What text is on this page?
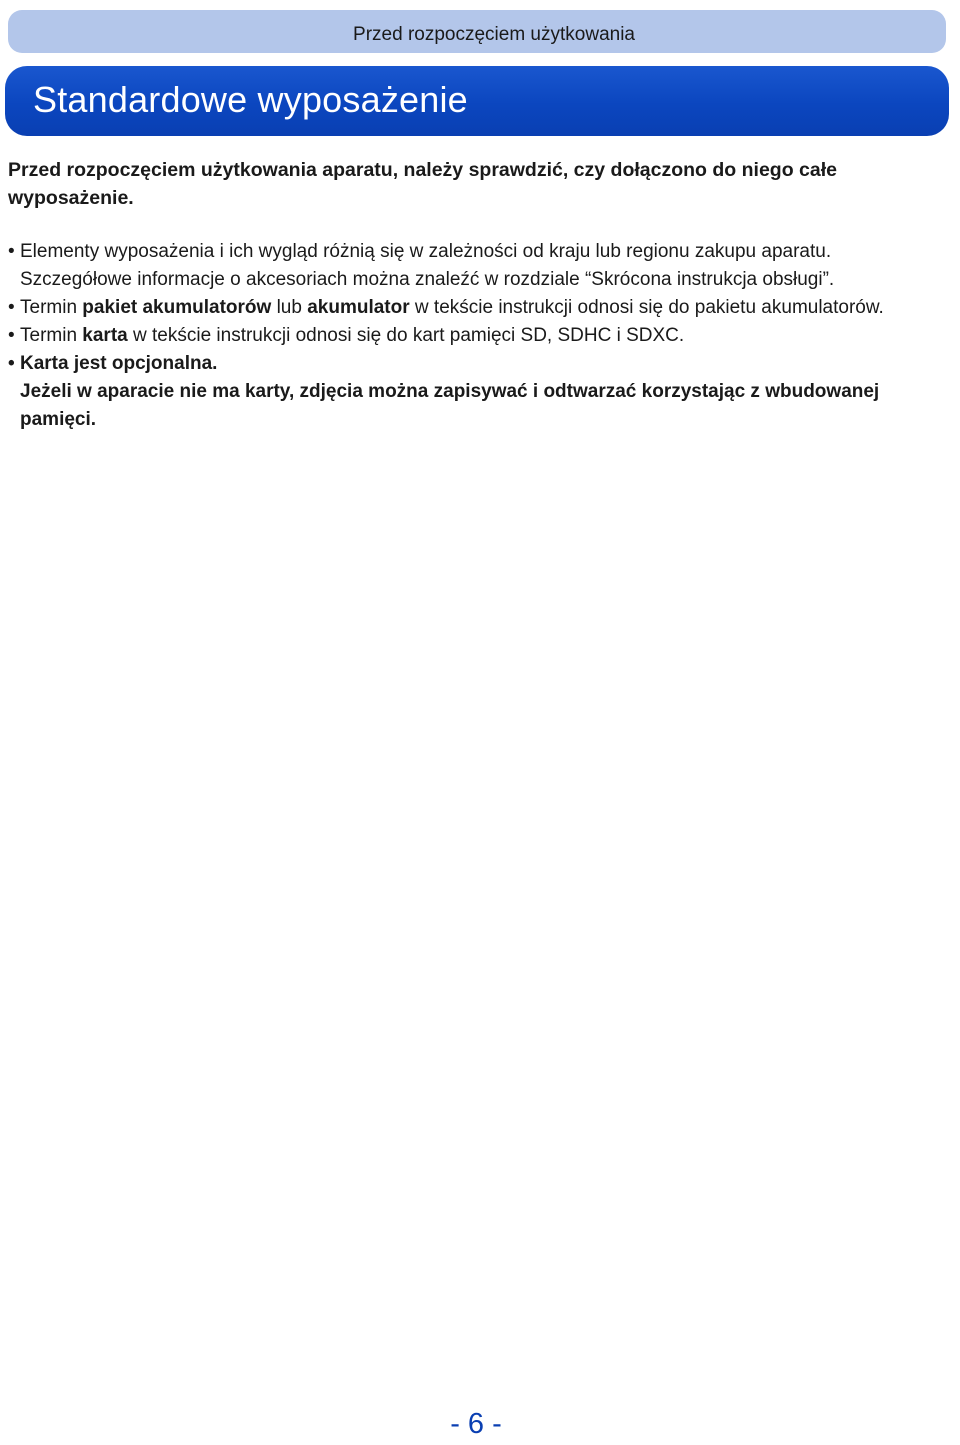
Przed rozpoczęciem użytkowania
Standardowe wyposażenie
Przed rozpoczęciem użytkowania aparatu, należy sprawdzić, czy dołączono do niego całe wyposażenie.
• Elementy wyposażenia i ich wygląd różnią się w zależności od kraju lub regionu zakupu aparatu.

Szczegółowe informacje o akcesoriach można znaleźć w rozdziale “Skrócona instrukcja obsługi”.

• Termin pakiet akumulatorów lub akumulator w tekście instrukcji odnosi się do pakietu akumulatorów.

• Termin karta w tekście instrukcji odnosi się do kart pamięci SD, SDHC i SDXC.

• Karta jest opcjonalna.

Jeżeli w aparacie nie ma karty, zdjęcia można zapisywać i odtwarzać korzystając z wbudowanej pamięci.

- 6 -
